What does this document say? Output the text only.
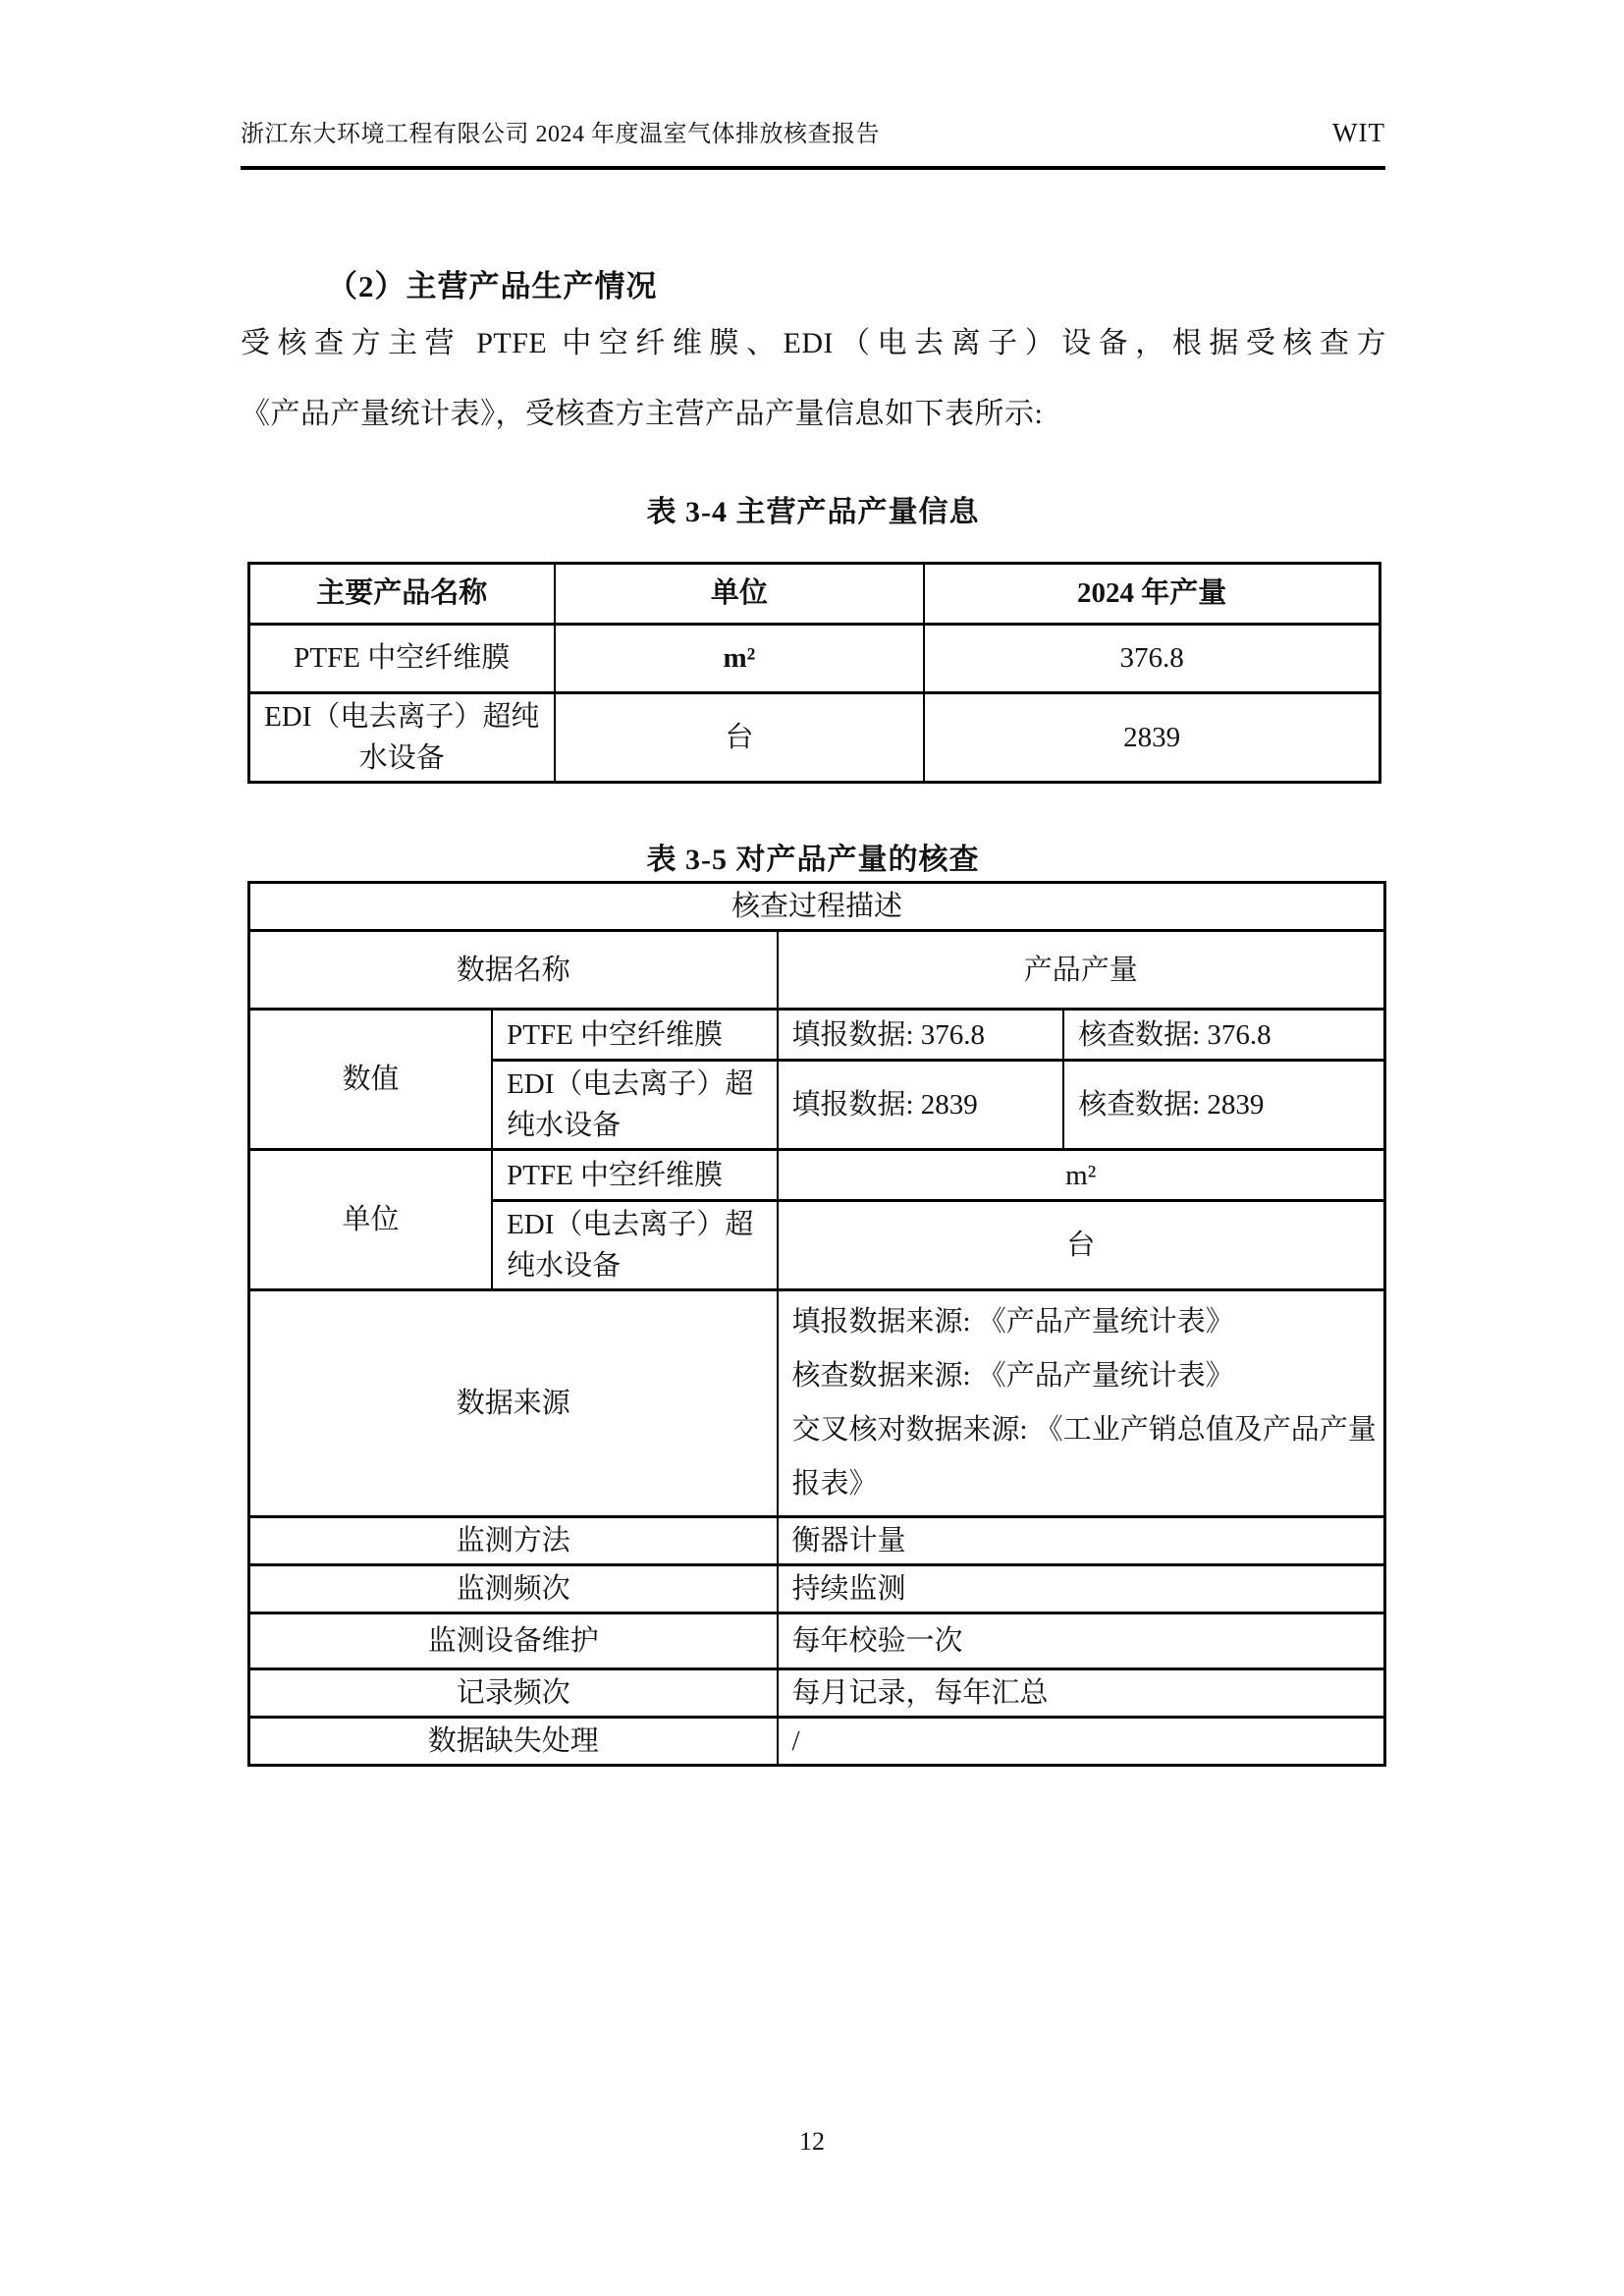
浙江东大环境工程有限公司 2024 年度温室气体排放核查报告	WIT
（2）主营产品生产情况
受核查方主营 PTFE 中空纤维膜、EDI（电去离子）设备，根据受核查方
《产品产量统计表》，受核查方主营产品产量信息如下表所示:
表 3-4 主营产品产量信息
主要产品名称	单位	2024 年产量
PTFE 中空纤维膜	m²	376.8
EDI（电去离子）超纯水设备	台	2839
表 3-5 对产品产量的核查
核查过程描述			
数据名称		产品产量	
数值	PTFE 中空纤维膜	填报数据: 376.8	核查数据: 376.8
	EDI（电去离子）超纯水设备	填报数据: 2839	核查数据: 2839
单位	PTFE 中空纤维膜	m²	
	EDI（电去离子）超纯水设备	台	
数据来源		填报数据来源: 《产品产量统计表》
核查数据来源: 《产品产量统计表》
交叉核对数据来源: 《工业产销总值及产品产量报表》	

监测方法		衡器计量	
监测频次		持续监测	
监测设备维护		每年校验一次	
记录频次		每月记录，每年汇总	
数据缺失处理		/	
12
